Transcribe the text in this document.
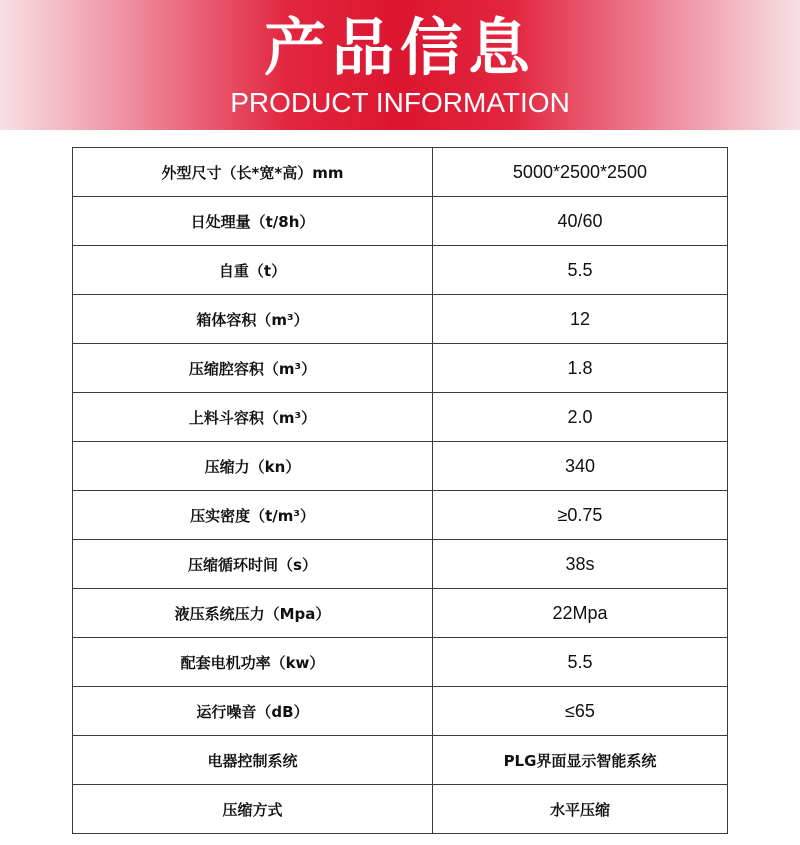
产品信息
PRODUCT INFORMATION
外型尺寸（长*宽*高）mm	5000*2500*2500
日处理量（t/8h）	40/60
自重（t）	5.5
箱体容积（m³）	12
压缩腔容积（m³）	1.8
上料斗容积（m³）	2.0
压缩力（kn）	340
压实密度（t/m³）	≥0.75
压缩循环时间（s）	38s
液压系统压力（Mpa）	22Mpa
配套电机功率（kw）	5.5
运行噪音（dB）	≤65
电器控制系统	PLG界面显示智能系统
压缩方式	水平压缩
